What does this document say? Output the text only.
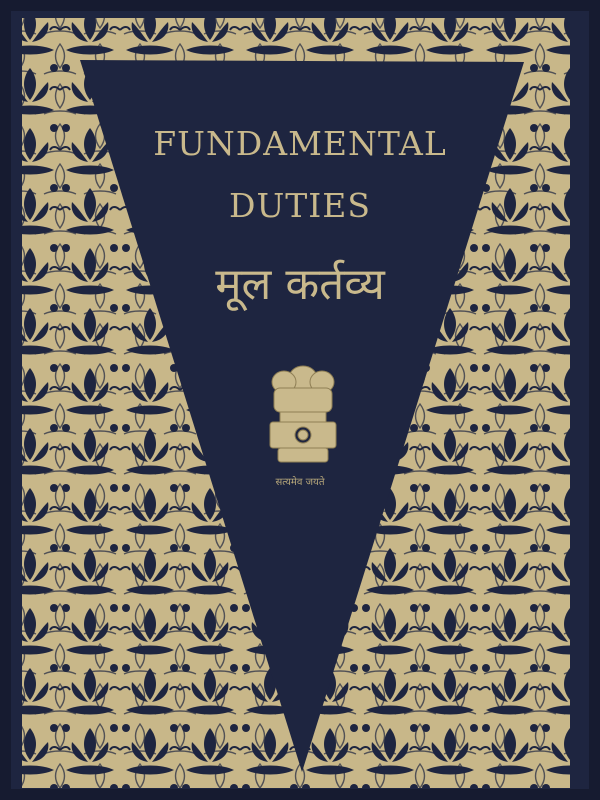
FUNDAMENTAL
DUTIES
मूल कर्तव्य
सत्यमेव जयते
